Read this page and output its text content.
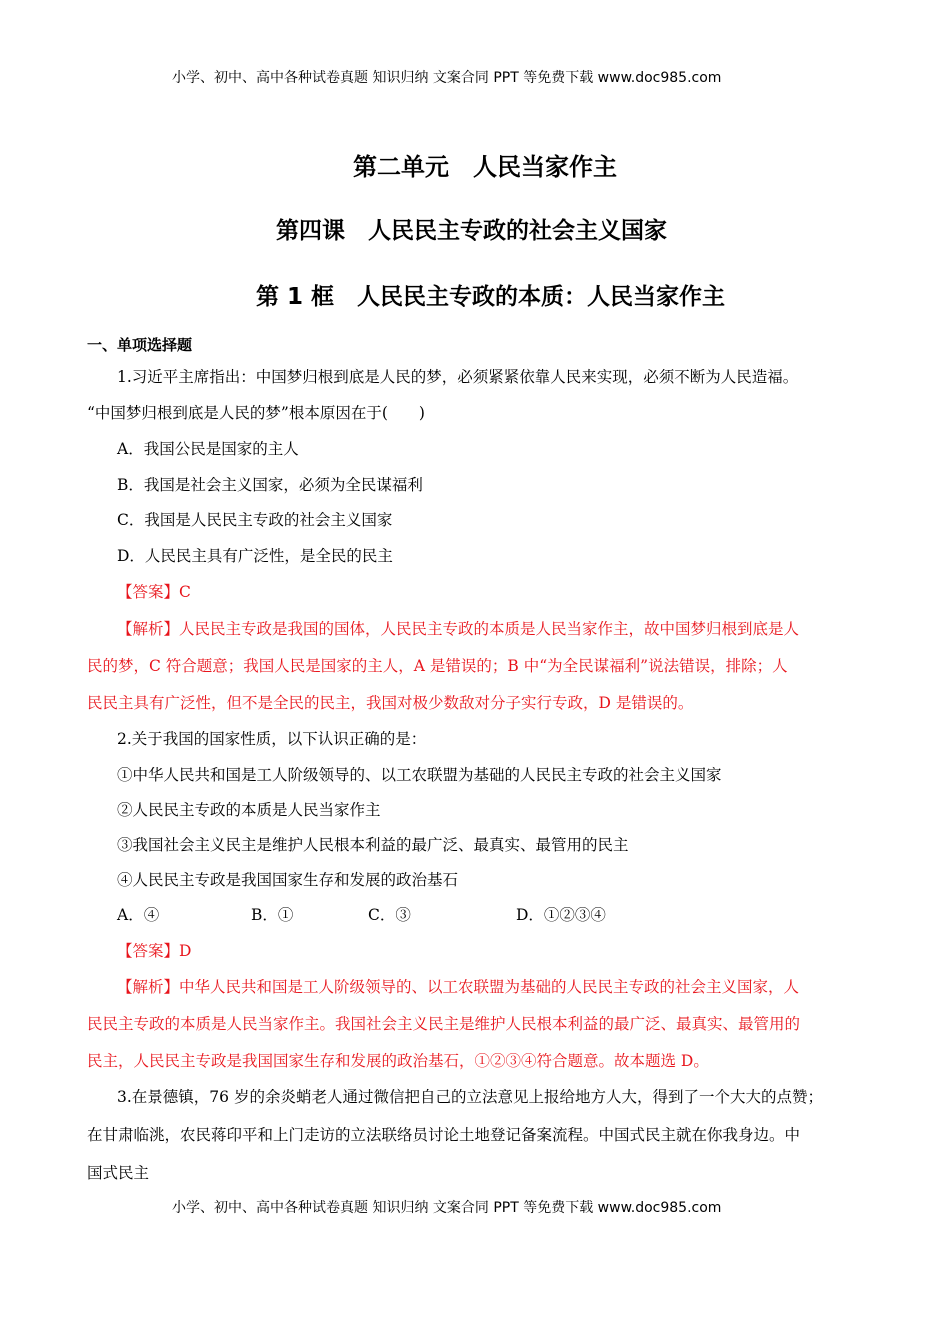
小学、初中、高中各种试卷真题 知识归纳 文案合同 PPT 等免费下载 www.doc985.com
第二单元　人民当家作主
第四课　人民民主专政的社会主义国家
第 1 框　人民民主专政的本质：人民当家作主
一、单项选择题
1.习近平主席指出：中国梦归根到底是人民的梦，必须紧紧依靠人民来实现，必须不断为人民造福。
“中国梦归根到底是人民的梦”根本原因在于(　　)
A．我国公民是国家的主人
B．我国是社会主义国家，必须为全民谋福利
C．我国是人民民主专政的社会主义国家
D．人民民主具有广泛性，是全民的民主
【答案】C
【解析】人民民主专政是我国的国体，人民民主专政的本质是人民当家作主，故中国梦归根到底是人
民的梦，C 符合题意；我国人民是国家的主人，A 是错误的；B 中“为全民谋福利”说法错误，排除；人
民民主具有广泛性，但不是全民的民主，我国对极少数敌对分子实行专政，D 是错误的。
2.关于我国的国家性质，以下认识正确的是：
①中华人民共和国是工人阶级领导的、以工农联盟为基础的人民民主专政的社会主义国家
②人民民主专政的本质是人民当家作主
③我国社会主义民主是维护人民根本利益的最广泛、最真实、最管用的民主
④人民民主专政是我国国家生存和发展的政治基石
A．④	B．①	C．③	D．①②③④
【答案】D
【解析】中华人民共和国是工人阶级领导的、以工农联盟为基础的人民民主专政的社会主义国家，人
民民主专政的本质是人民当家作主。我国社会主义民主是维护人民根本利益的最广泛、最真实、最管用的
民主，人民民主专政是我国国家生存和发展的政治基石，①②③④符合题意。故本题选 D。
3.在景德镇，76 岁的余炎蛸老人通过微信把自己的立法意见上报给地方人大，得到了一个大大的点赞；
在甘肃临洮，农民蒋印平和上门走访的立法联络员讨论土地登记备案流程。中国式民主就在你我身边。中
国式民主
小学、初中、高中各种试卷真题 知识归纳 文案合同 PPT 等免费下载 www.doc985.com
